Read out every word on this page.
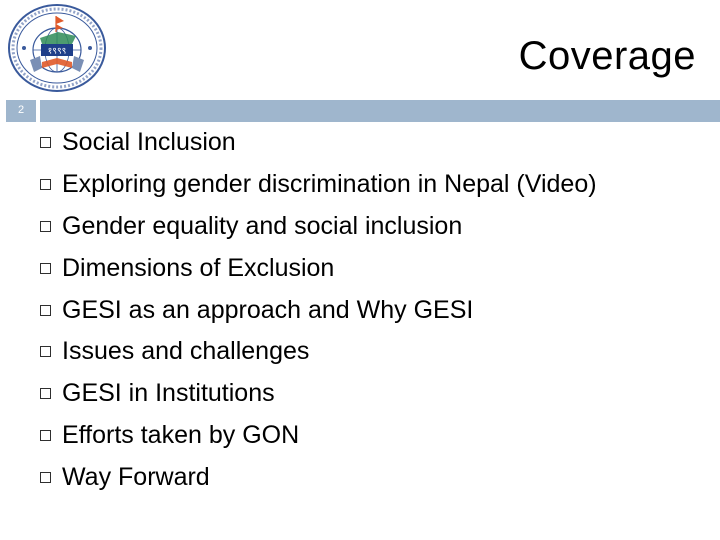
१९९९	Coverage
2
Social Inclusion
Exploring gender discrimination in Nepal (Video)
Gender equality and social inclusion
Dimensions of Exclusion
GESI as an approach and Why GESI
Issues and challenges
GESI in Institutions
Efforts taken by GON
Way Forward
